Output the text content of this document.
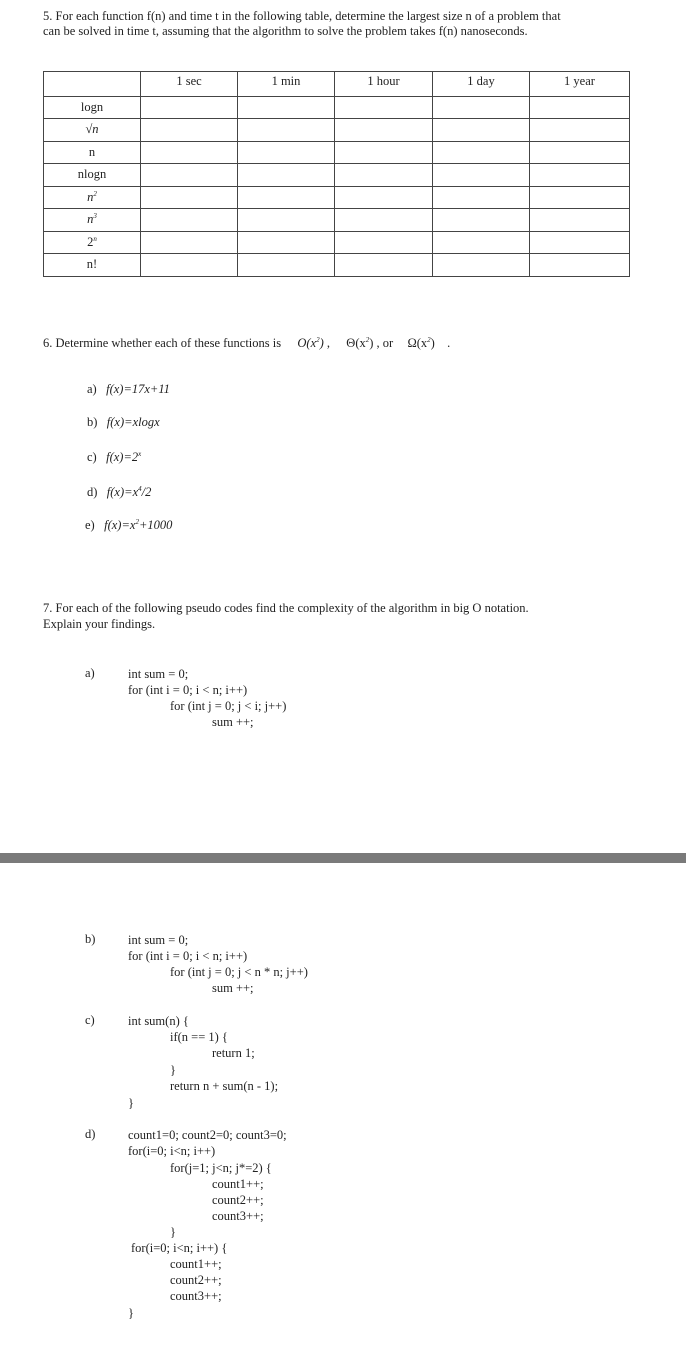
5. For each function f(n) and time t in the following table, determine the largest size n of a problem that
can be solved in time t, assuming that the algorithm to solve the problem takes f(n) nanoseconds.
	1 sec	1 min	1 hour	1 day	1 year
logn					
√n					
n					
nlogn					
$n^2$					
$n^3$					
2$^n$					
n!					
6. Determine whether each of these functions is $O(x^2)$ , $\Theta(x^2)$ , or $\Omega(x^2)$ .
a) f(x)=17x+11
b) f(x)=xlogx
c) $f(x)=2^x$
d) $f(x)=x^4/2$
e) $f(x)=x^2+1000$
7. For each of the following pseudo codes find the complexity of the algorithm in big O notation.
Explain your findings.
a)	int sum = 0;
for (int i = 0; i < n; i++)
for (int j = 0; j < i; j++)
sum ++;
b)	int sum = 0;
for (int i = 0; i < n; i++)
for (int j = 0; j < n * n; j++)
sum ++;
c)	int sum(n) {
if(n == 1) {
return 1;
}
return n + sum(n - 1);
}
d)	count1=0; count2=0; count3=0;
for(i=0; i<n; i++)
for(j=1; j<n; j*=2) {
count1++;
count2++;
count3++;
}
for(i=0; i<n; i++) {
count1++;
count2++;
count3++;
}
